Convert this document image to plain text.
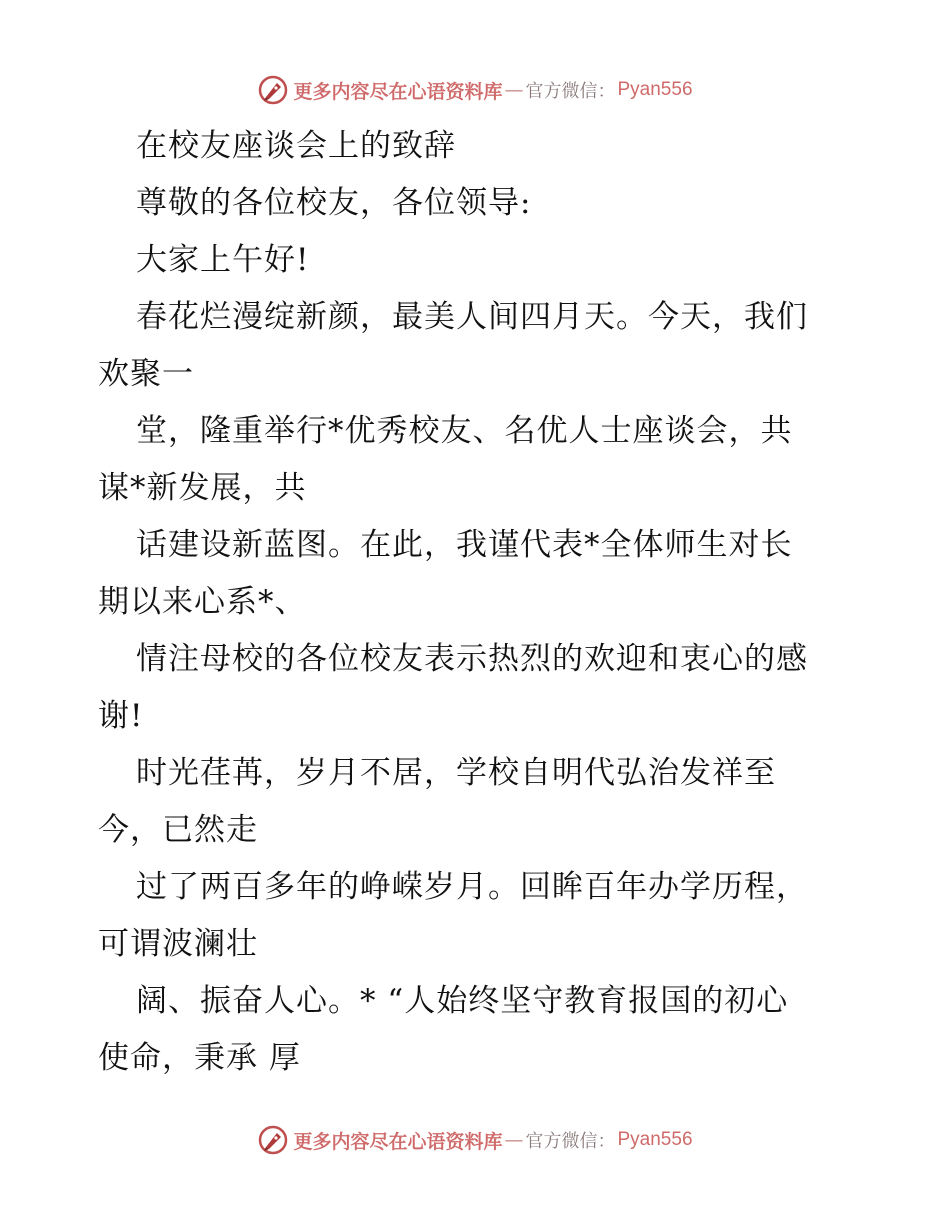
更多内容尽在心语资料库 — 官方微信： Pyan556
在校友座谈会上的致辞
尊敬的各位校友，各位领导:
大家上午好!
春花烂漫绽新颜，最美人间四月天。今天，我们
欢聚一
堂，隆重举行*优秀校友、名优人士座谈会，共
谋*新发展，共
话建设新蓝图。在此，我谨代表*全体师生对长
期以来心系*、
情注母校的各位校友表示热烈的欢迎和衷心的感
谢!
时光荏苒，岁月不居，学校自明代弘治发祥至
今，已然走
过了两百多年的峥嵘岁月。回眸百年办学历程，
可谓波澜壮
阔、振奋人心。* “人始终坚守教育报国的初心
使命，秉承 厚
更多内容尽在心语资料库 — 官方微信： Pyan556
